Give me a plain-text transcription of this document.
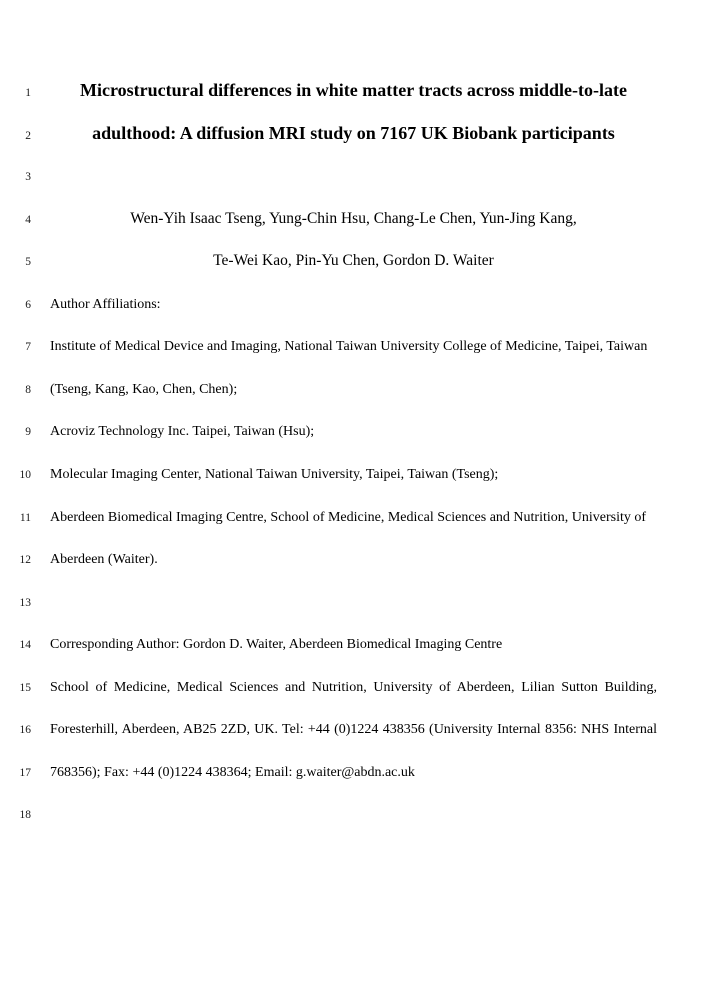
1	Microstructural differences in white matter tracts across middle-to-late
2	adulthood: A diffusion MRI study on 7167 UK Biobank participants
3
4	Wen-Yih Isaac Tseng, Yung-Chin Hsu, Chang-Le Chen, Yun-Jing Kang,
5	Te-Wei Kao, Pin-Yu Chen, Gordon D. Waiter
6 Author Affiliations:
7 Institute of Medical Device and Imaging, National Taiwan University College of Medicine, Taipei, Taiwan
8 (Tseng, Kang, Kao, Chen, Chen);
9 Acroviz Technology Inc. Taipei, Taiwan (Hsu);
10 Molecular Imaging Center, National Taiwan University, Taipei, Taiwan (Tseng);
11 Aberdeen Biomedical Imaging Centre, School of Medicine, Medical Sciences and Nutrition, University of
12 Aberdeen (Waiter).
13
14 Corresponding Author: Gordon D. Waiter, Aberdeen Biomedical Imaging Centre
15 School of Medicine, Medical Sciences and Nutrition, University of Aberdeen, Lilian Sutton Building,
16 Foresterhill, Aberdeen, AB25 2ZD, UK. Tel: +44 (0)1224 438356 (University Internal 8356: NHS Internal
17 768356); Fax: +44 (0)1224 438364; Email: g.waiter@abdn.ac.uk
18
